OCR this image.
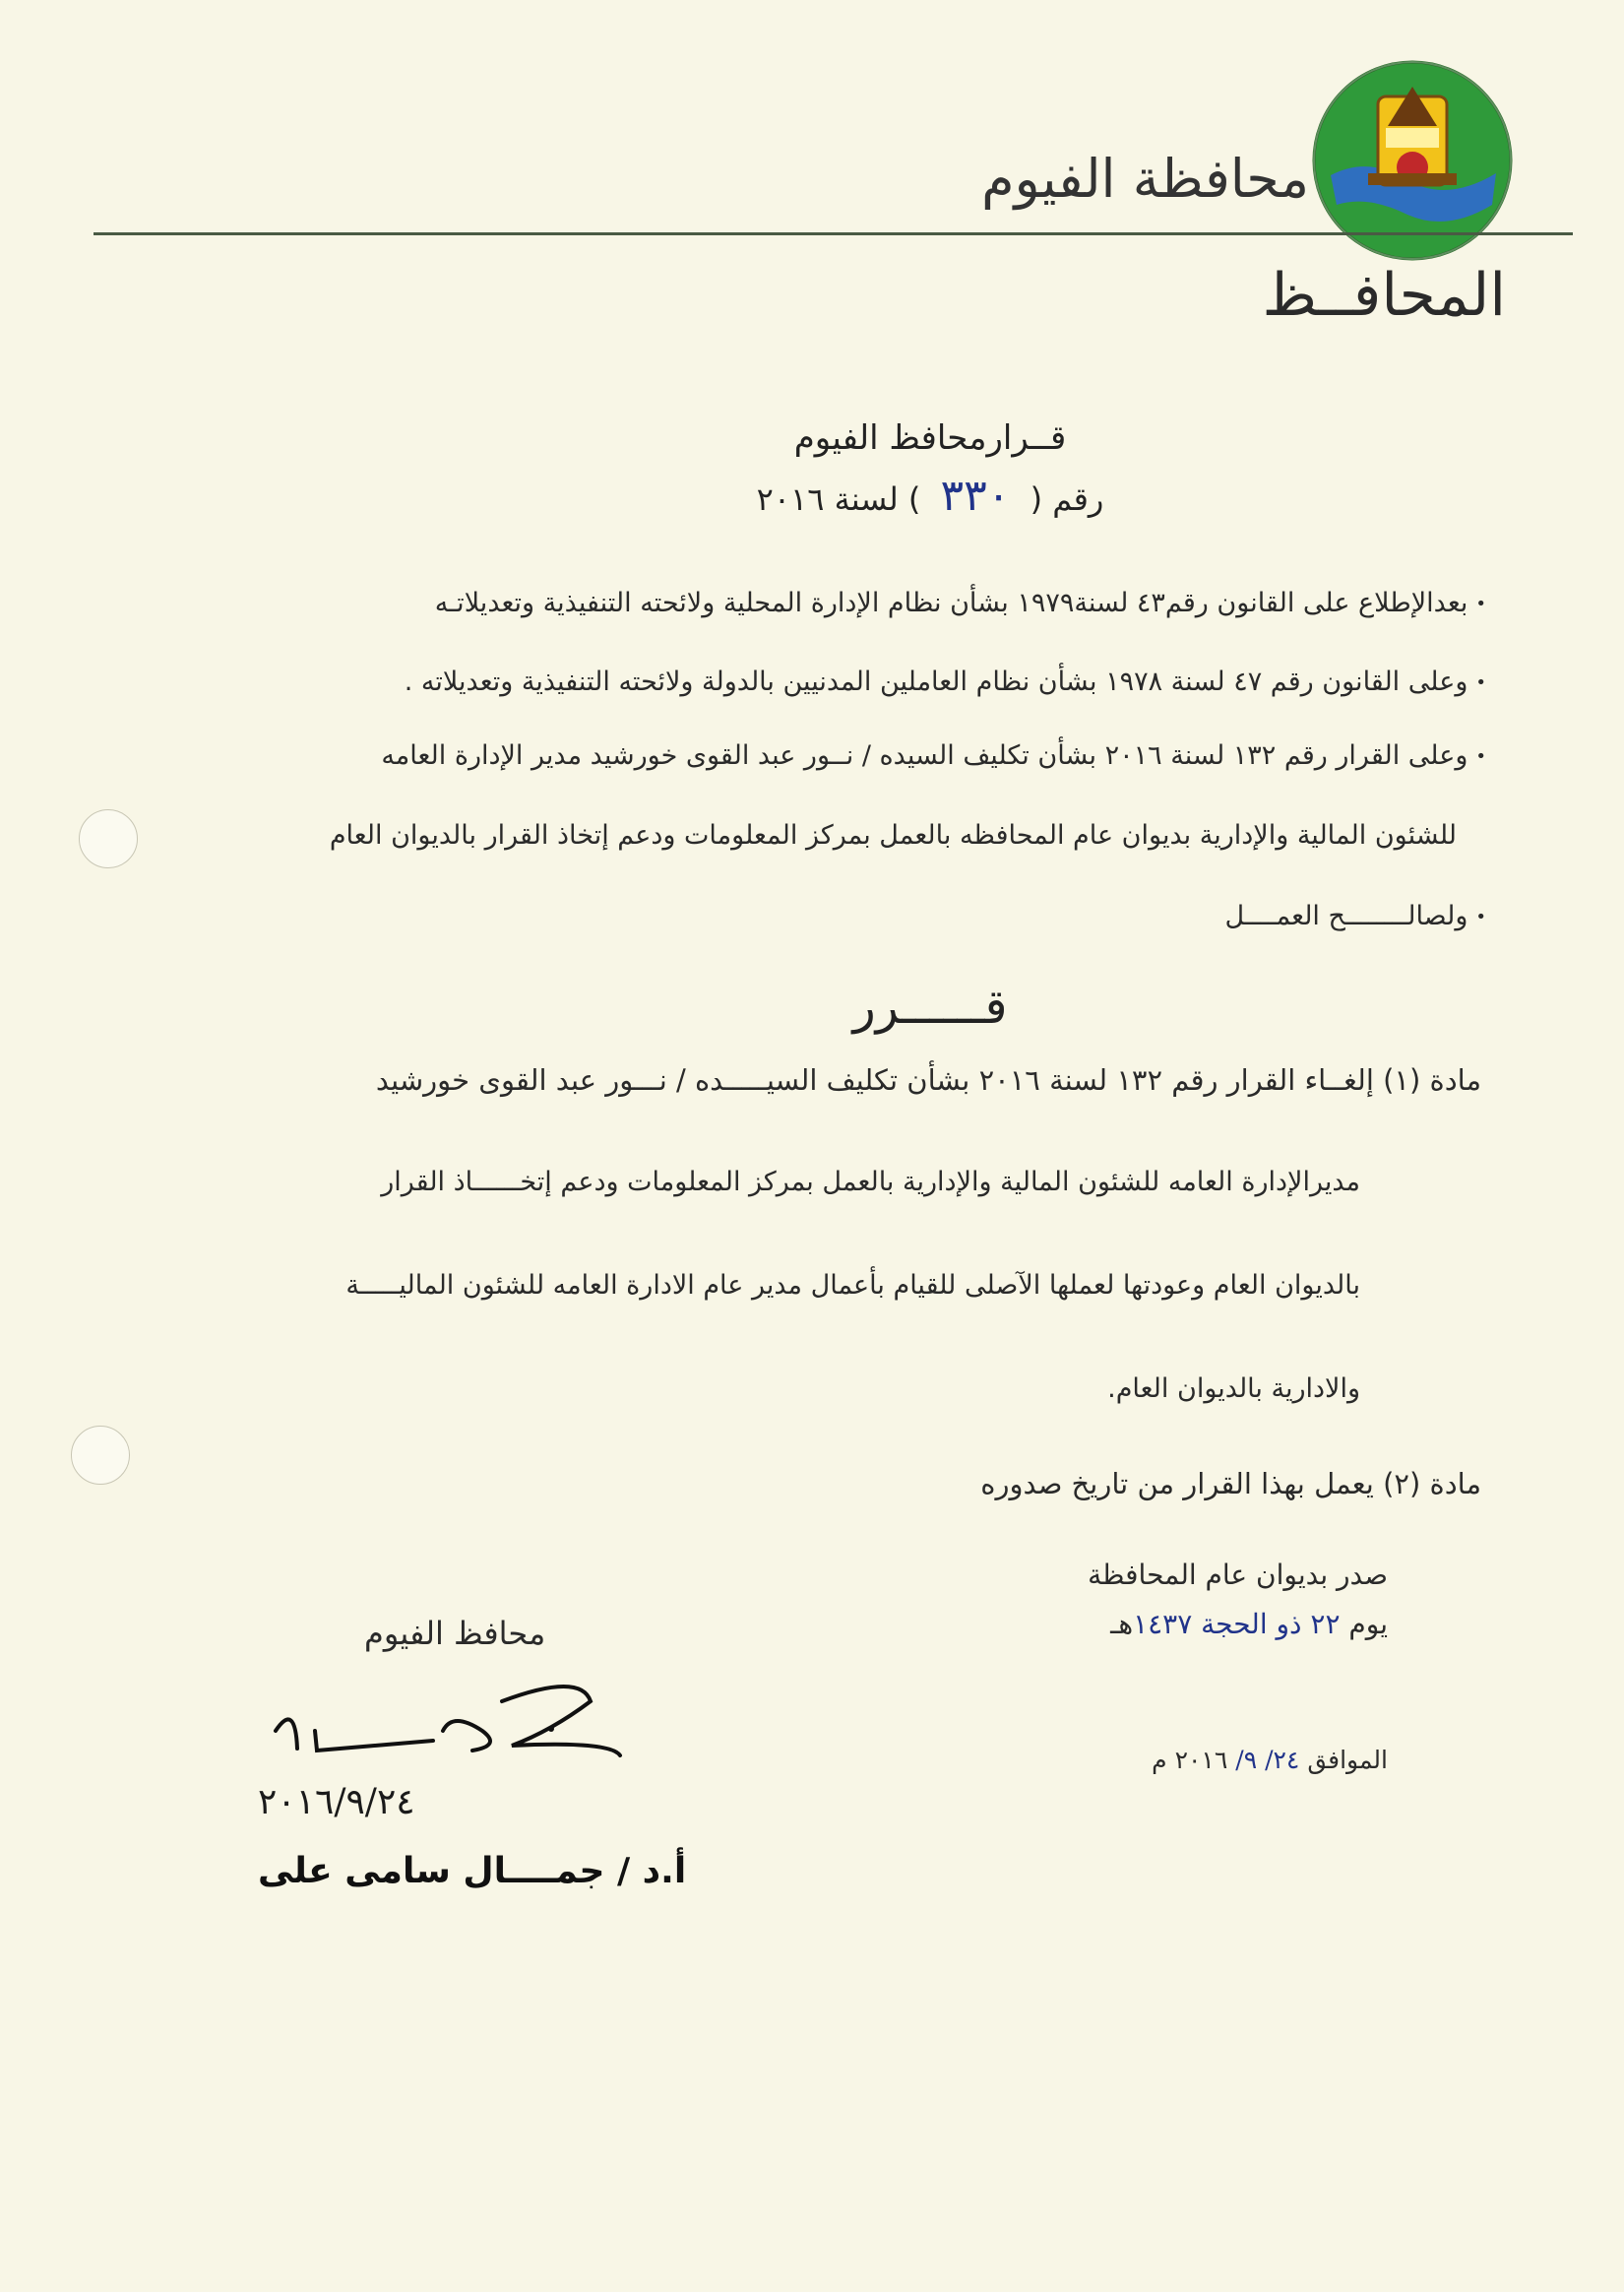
محافظة الفيوم
المحافــظ
قــرارمحافظ الفيوم
رقم ( ٣٣٠ ) لسنة ٢٠١٦
•بعدالإطلاع على القانون رقم٤٣ لسنة١٩٧٩ بشأن نظام الإدارة المحلية ولائحته التنفيذية وتعديلاتـه
•وعلى القانون رقم ٤٧ لسنة ١٩٧٨ بشأن نظام العاملين المدنيين بالدولة ولائحته التنفيذية وتعديلاته .
•وعلى القرار رقم ١٣٢ لسنة ٢٠١٦ بشأن تكليف السيده / نــور عبد القوى خورشيد مدير الإدارة العامه
للشئون المالية والإدارية بديوان عام المحافظه بالعمل بمركز المعلومات ودعم إتخاذ القرار بالديوان العام
•ولصالــــــــح العمــــل
قــــــرر
مادة (١) إلغــاء القرار رقم ١٣٢ لسنة ٢٠١٦ بشأن تكليف السيـــــده / نـــور عبد القوى خورشيد
مديرالإدارة العامه للشئون المالية والإدارية بالعمل بمركز المعلومات ودعم إتخــــــاذ القرار
بالديوان العام وعودتها لعملها الآصلى للقيام بأعمال مدير عام الادارة العامه للشئون الماليـــــة
والادارية بالديوان العام.
مادة (٢) يعمل بهذا القرار من تاريخ صدوره
صدر بديوان عام المحافظة
يوم ٢٢ ذو الحجة ١٤٣٧هـ
الموافق ٢٤/ ٩/ ٢٠١٦ م
محافظ الفيوم
٢٠١٦/٩/٢٤
أ.د / جمــــال سامى على
